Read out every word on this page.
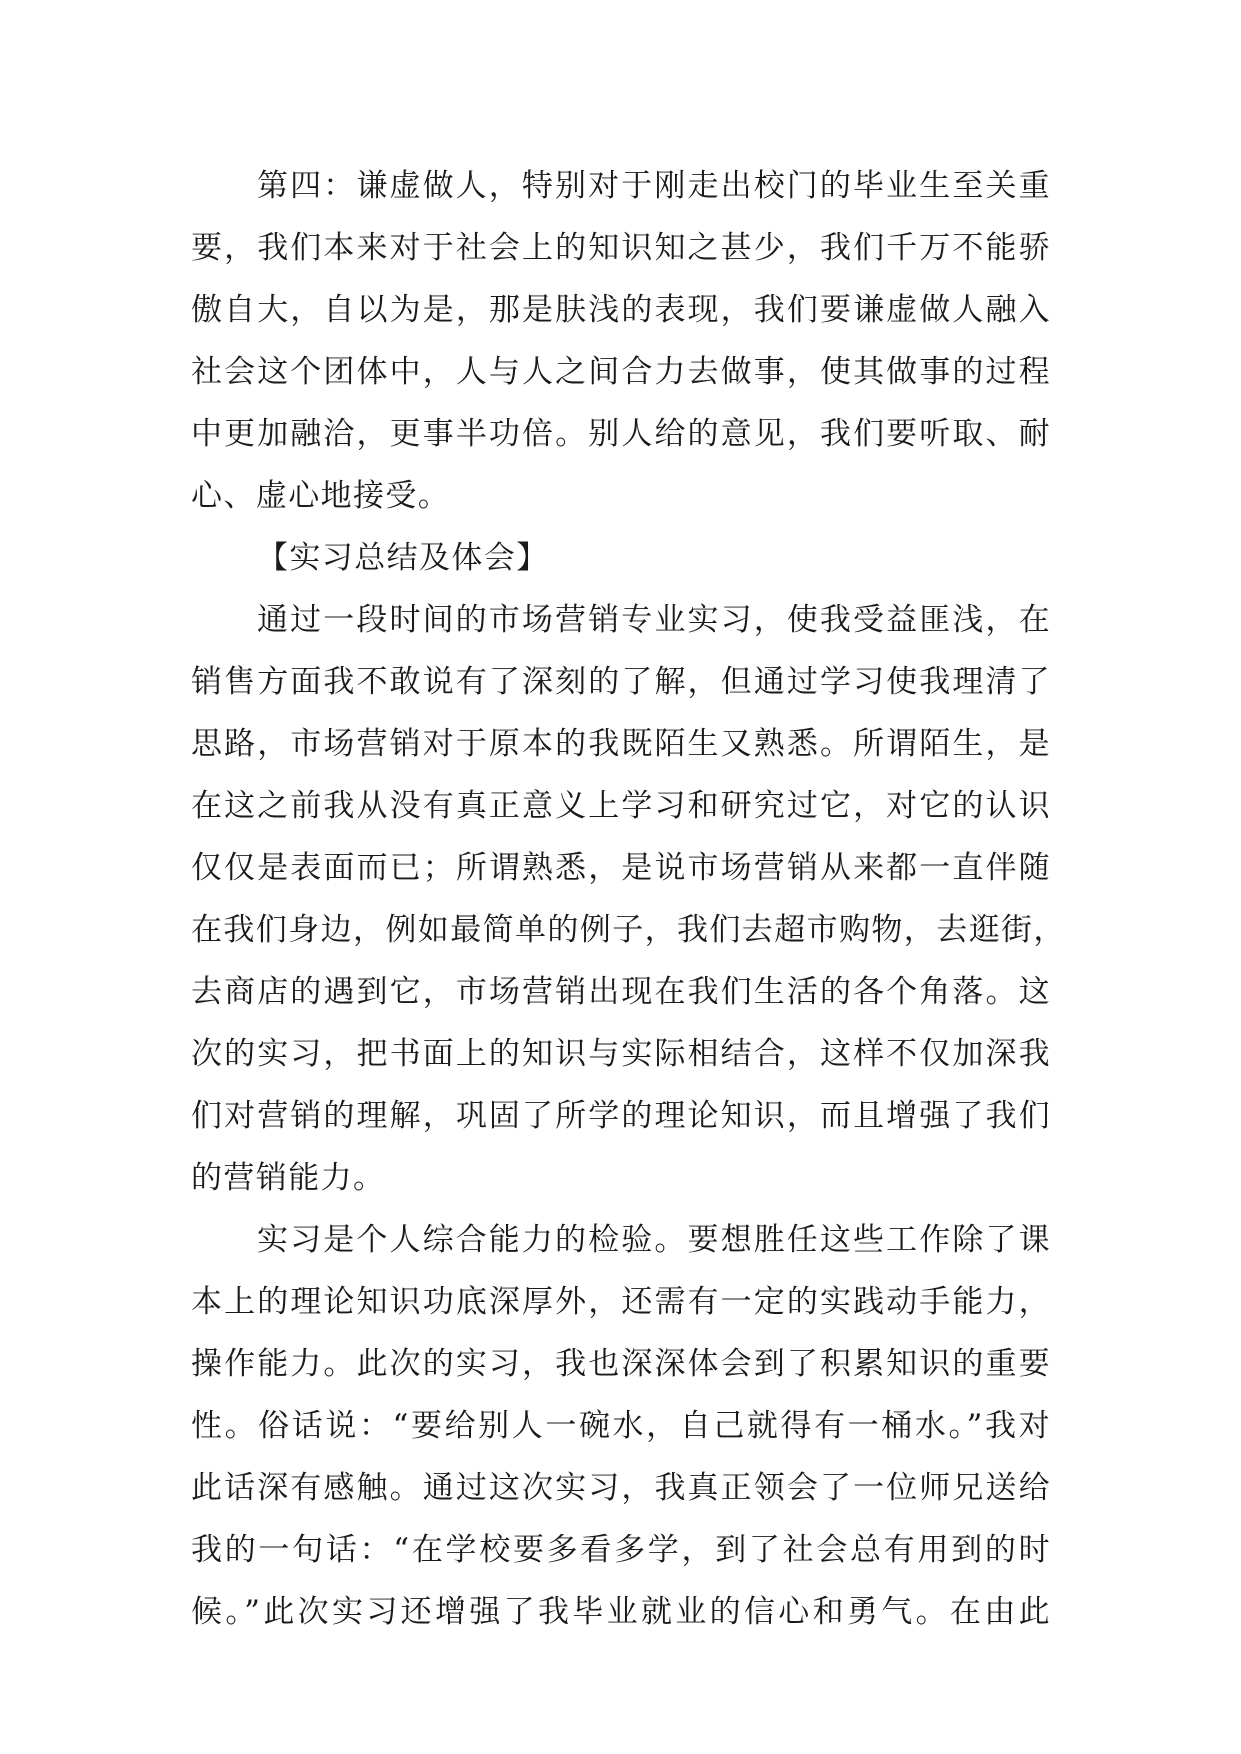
第四：谦虚做人，特别对于刚走出校门的毕业生至关重
要，我们本来对于社会上的知识知之甚少，我们千万不能骄
傲自大，自以为是，那是肤浅的表现，我们要谦虚做人融入
社会这个团体中，人与人之间合力去做事，使其做事的过程
中更加融洽，更事半功倍。别人给的意见，我们要听取、耐
心、虚心地接受。
【实习总结及体会】
通过一段时间的市场营销专业实习，使我受益匪浅，在
销售方面我不敢说有了深刻的了解，但通过学习使我理清了
思路，市场营销对于原本的我既陌生又熟悉。所谓陌生，是
在这之前我从没有真正意义上学习和研究过它，对它的认识
仅仅是表面而已；所谓熟悉，是说市场营销从来都一直伴随
在我们身边，例如最简单的例子，我们去超市购物，去逛街，
去商店的遇到它，市场营销出现在我们生活的各个角落。这
次的实习，把书面上的知识与实际相结合，这样不仅加深我
们对营销的理解，巩固了所学的理论知识，而且增强了我们
的营销能力。
实习是个人综合能力的检验。要想胜任这些工作除了课
本上的理论知识功底深厚外，还需有一定的实践动手能力，
操作能力。此次的实习，我也深深体会到了积累知识的重要
性。俗话说：“要给别人一碗水，自己就得有一桶水。”我对
此话深有感触。通过这次实习，我真正领会了一位师兄送给
我的一句话：“在学校要多看多学，到了社会总有用到的时
候。”此次实习还增强了我毕业就业的信心和勇气。在由此
